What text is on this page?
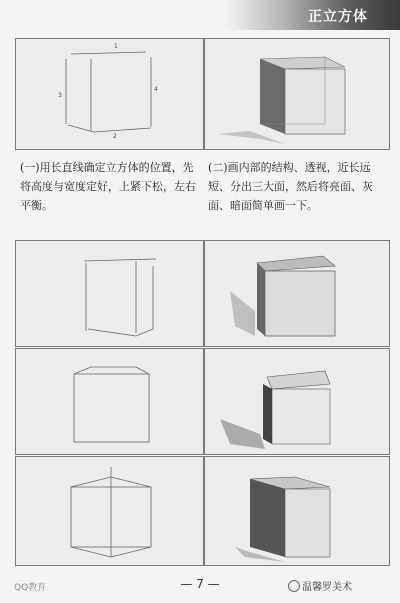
正立方体
1
3
4
2
(一)用长直线确定立方体的位置，先将高度与宽度定好，上紧下松，左右平衡。
(二)画内部的结构、透视，近长远短、分出三大面，然后将亮面、灰面、暗面简单画一下。
QQ教育	— 7 —	温馨罗美术
